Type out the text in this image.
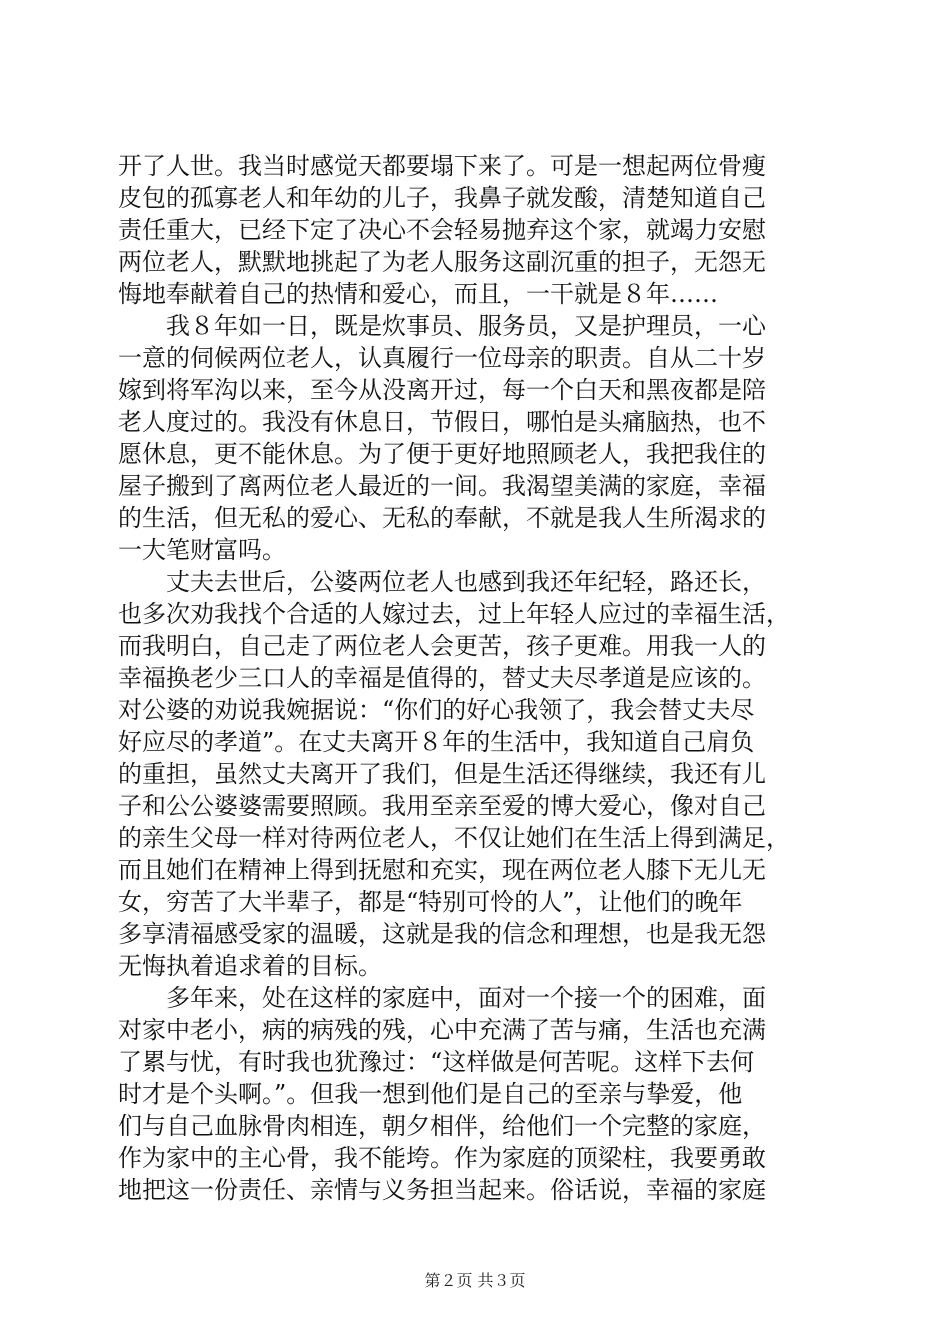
开了人世。我当时感觉天都要塌下来了。可是一想起两位骨瘦
皮包的孤寡老人和年幼的儿子，我鼻子就发酸，清楚知道自己
责任重大，已经下定了决心不会轻易抛弃这个家，就竭力安慰
两位老人，默默地挑起了为老人服务这副沉重的担子，无怨无
悔地奉献着自己的热情和爱心，而且，一干就是８年……
　　我８年如一日，既是炊事员、服务员，又是护理员，一心
一意的伺候两位老人，认真履行一位母亲的职责。自从二十岁
嫁到将军沟以来，至今从没离开过，每一个白天和黑夜都是陪
老人度过的。我没有休息日，节假日，哪怕是头痛脑热，也不
愿休息，更不能休息。为了便于更好地照顾老人，我把我住的
屋子搬到了离两位老人最近的一间。我渴望美满的家庭，幸福
的生活，但无私的爱心、无私的奉献，不就是我人生所渴求的
一大笔财富吗。
　　丈夫去世后，公婆两位老人也感到我还年纪轻，路还长，
也多次劝我找个合适的人嫁过去，过上年轻人应过的幸福生活，
而我明白，自己走了两位老人会更苦，孩子更难。用我一人的
幸福换老少三口人的幸福是值得的，替丈夫尽孝道是应该的。
对公婆的劝说我婉据说：“你们的好心我领了，我会替丈夫尽
好应尽的孝道”。在丈夫离开８年的生活中，我知道自己肩负
的重担，虽然丈夫离开了我们，但是生活还得继续，我还有儿
子和公公婆婆需要照顾。我用至亲至爱的博大爱心，像对自己
的亲生父母一样对待两位老人，不仅让她们在生活上得到满足，
而且她们在精神上得到抚慰和充实，现在两位老人膝下无儿无
女，穷苦了大半辈子，都是“特别可怜的人”，让他们的晚年
多享清福感受家的温暖，这就是我的信念和理想，也是我无怨
无悔执着追求着的目标。
　　多年来，处在这样的家庭中，面对一个接一个的困难，面
对家中老小，病的病残的残，心中充满了苦与痛，生活也充满
了累与忧，有时我也犹豫过：“这样做是何苦呢。这样下去何
时才是个头啊。”。但我一想到他们是自己的至亲与挚爱，他
们与自己血脉骨肉相连，朝夕相伴，给他们一个完整的家庭，
作为家中的主心骨，我不能垮。作为家庭的顶梁柱，我要勇敢
地把这一份责任、亲情与义务担当起来。俗话说，幸福的家庭
第２页 共３页
